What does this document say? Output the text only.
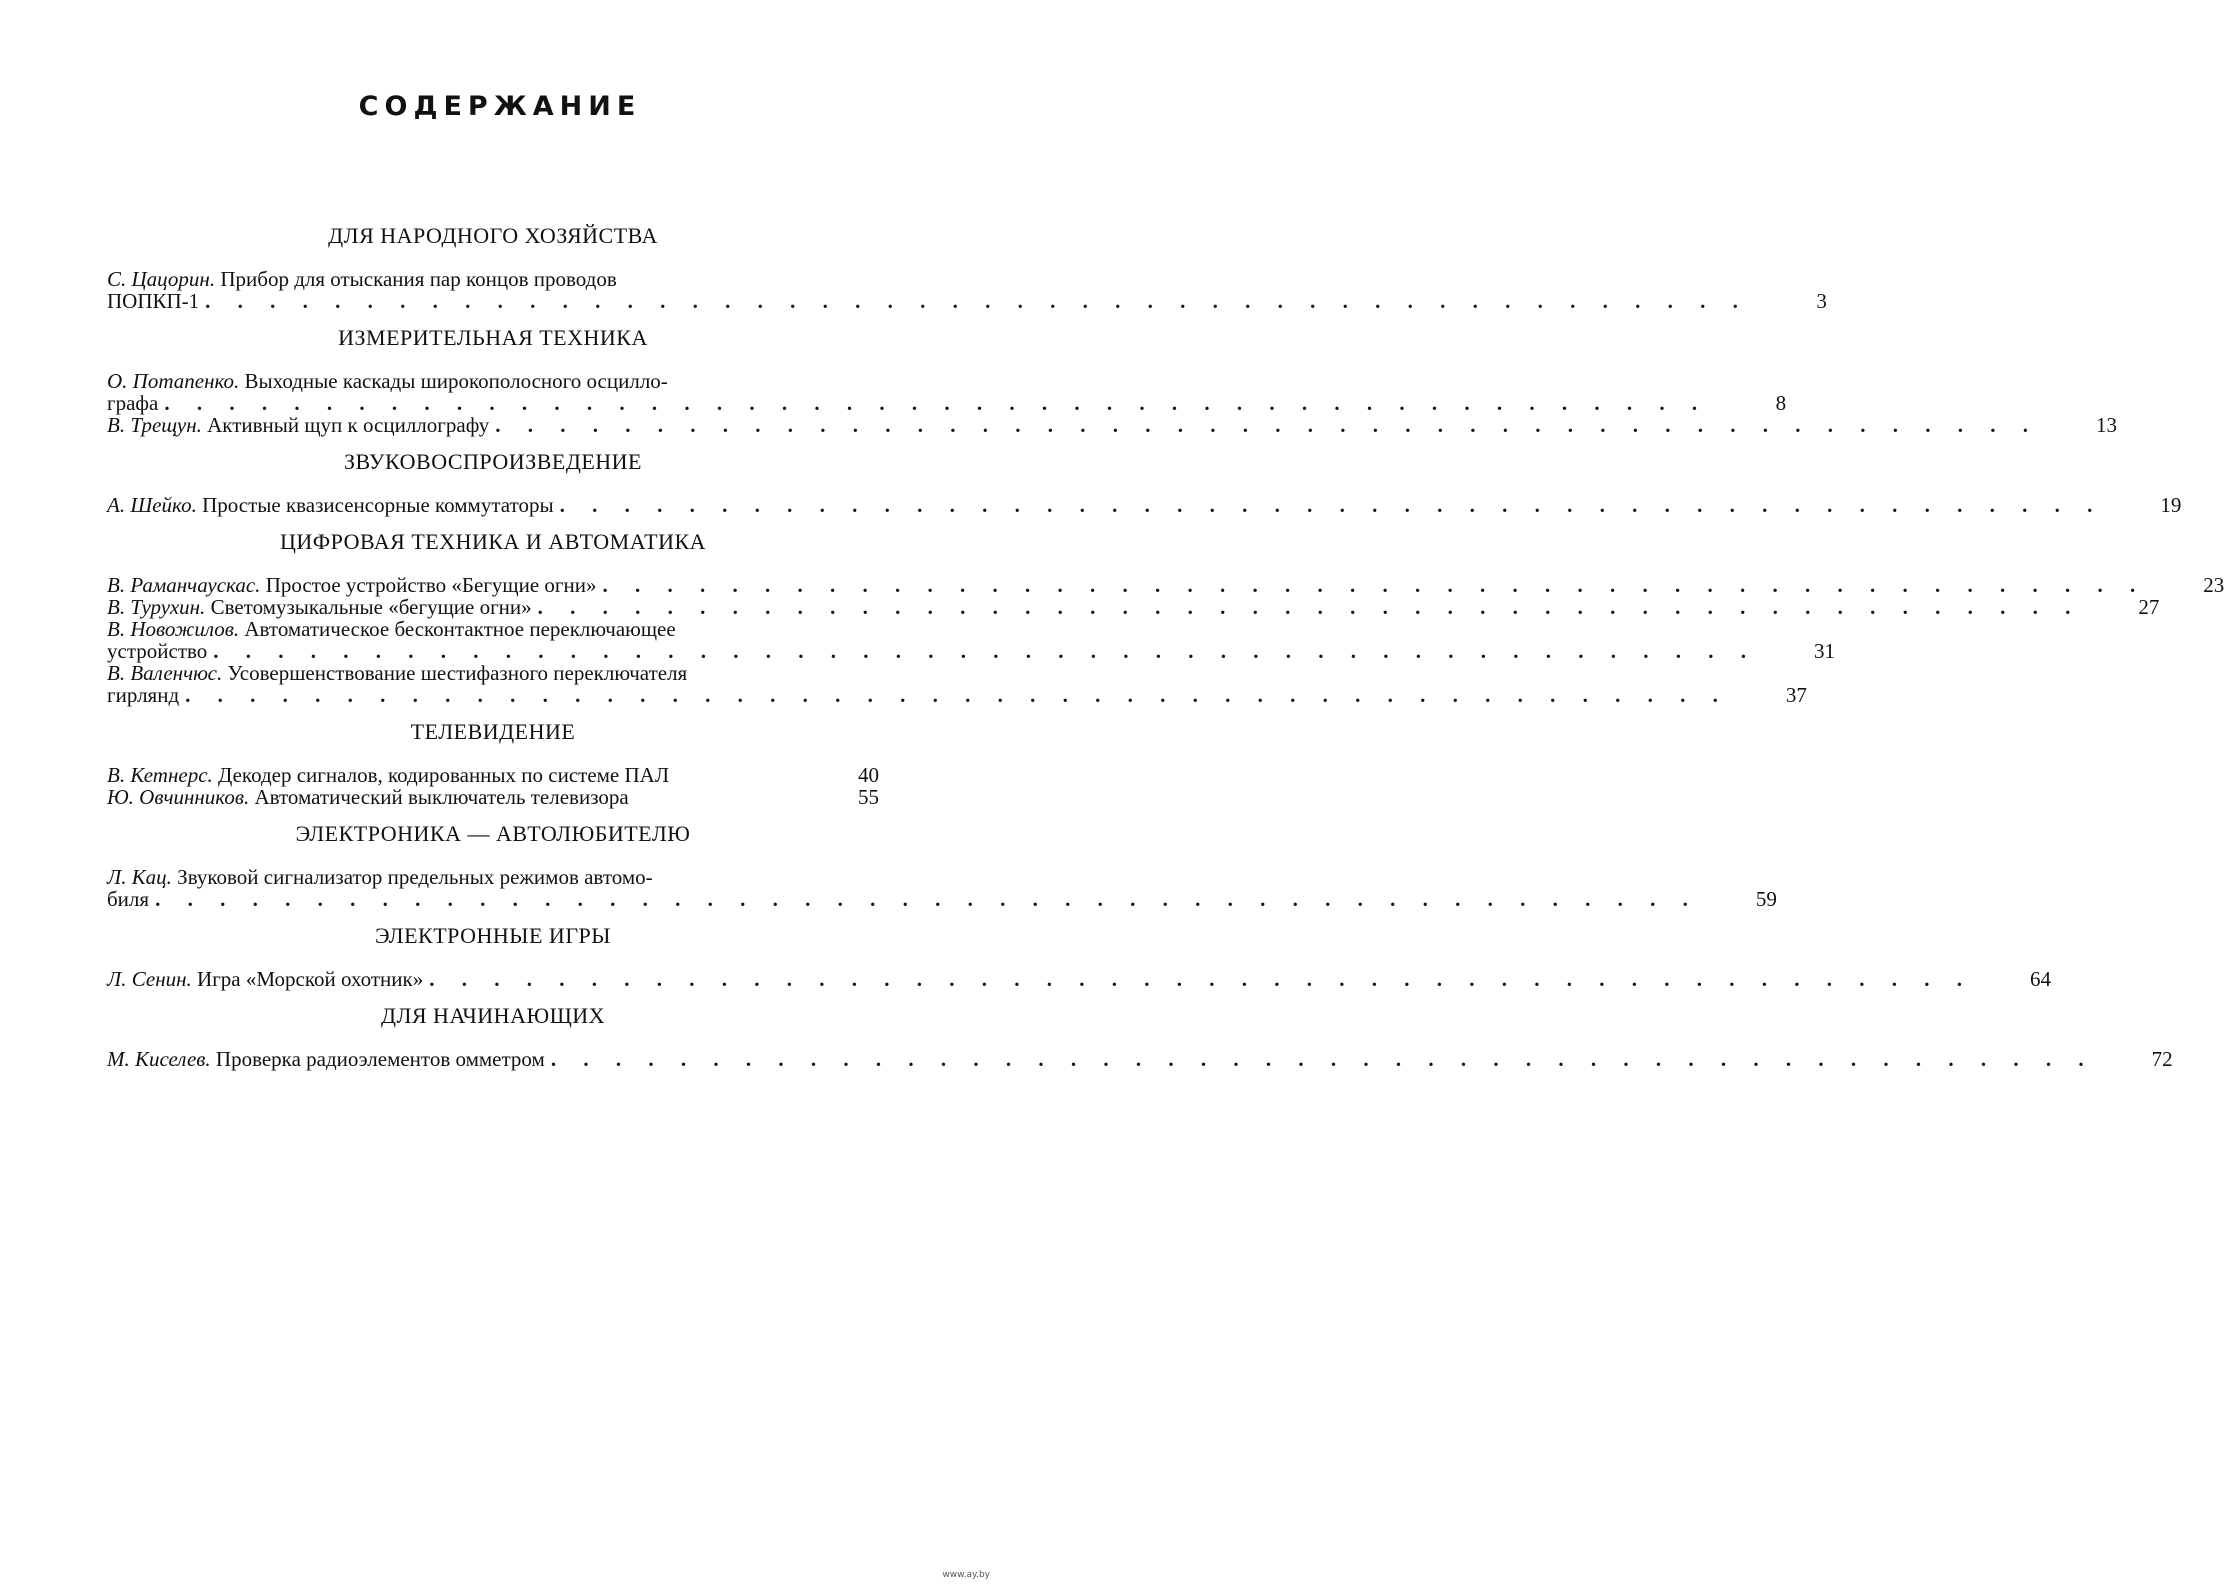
СОДЕРЖАНИЕ
ДЛЯ НАРОДНОГО ХОЗЯЙСТВА
С. Цацорин. Прибор для отыскания пар концов проводов
ПОПКП-1 . . . . . . . . . . . . . . . . . . . . . . . . . . . . . . . . . . . . . . . . . . . . . . . .	3
ИЗМЕРИТЕЛЬНАЯ ТЕХНИКА
О. Потапенко. Выходные каскады широкополосного осцилло-
графа . . . . . . . . . . . . . . . . . . . . . . . . . . . . . . . . . . . . . . . . . . . . . . . .	8
В. Трещун. Активный щуп к осциллографу . . . . . . . . . . . . . . . . . . . . . . . . . . . . . . . . . . . . . . . . . . . . . . . .	13
ЗВУКОВОСПРОИЗВЕДЕНИЕ
А. Шейко. Простые квазисенсорные коммутаторы . . . . . . . . . . . . . . . . . . . . . . . . . . . . . . . . . . . . . . . . . . . . . . . .	19
ЦИФРОВАЯ ТЕХНИКА И АВТОМАТИКА
В. Раманчаускас. Простое устройство «Бегущие огни» . . . . . . . . . . . . . . . . . . . . . . . . . . . . . . . . . . . . . . . . . . . . . . . .	23
В. Турухин. Светомузыкальные «бегущие огни» . . . . . . . . . . . . . . . . . . . . . . . . . . . . . . . . . . . . . . . . . . . . . . . .	27
В. Новожилов. Автоматическое бесконтактное переключающее
устройство . . . . . . . . . . . . . . . . . . . . . . . . . . . . . . . . . . . . . . . . . . . . . . . .	31
В. Валенчюс. Усовершенствование шестифазного переключателя
гирлянд . . . . . . . . . . . . . . . . . . . . . . . . . . . . . . . . . . . . . . . . . . . . . . . .	37
ТЕЛЕВИДЕНИЕ
В. Кетнерс. Декодер сигналов, кодированных по системе ПАЛ	40
Ю. Овчинников. Автоматический выключатель телевизора	55
ЭЛЕКТРОНИКА — АВТОЛЮБИТЕЛЮ
Л. Кац. Звуковой сигнализатор предельных режимов автомо-
биля . . . . . . . . . . . . . . . . . . . . . . . . . . . . . . . . . . . . . . . . . . . . . . . .	59
ЭЛЕКТРОННЫЕ ИГРЫ
Л. Сенин. Игра «Морской охотник» . . . . . . . . . . . . . . . . . . . . . . . . . . . . . . . . . . . . . . . . . . . . . . . .	64
ДЛЯ НАЧИНАЮЩИХ
М. Киселев. Проверка радиоэлементов омметром . . . . . . . . . . . . . . . . . . . . . . . . . . . . . . . . . . . . . . . . . . . . . . . .	72
www.ay.by
